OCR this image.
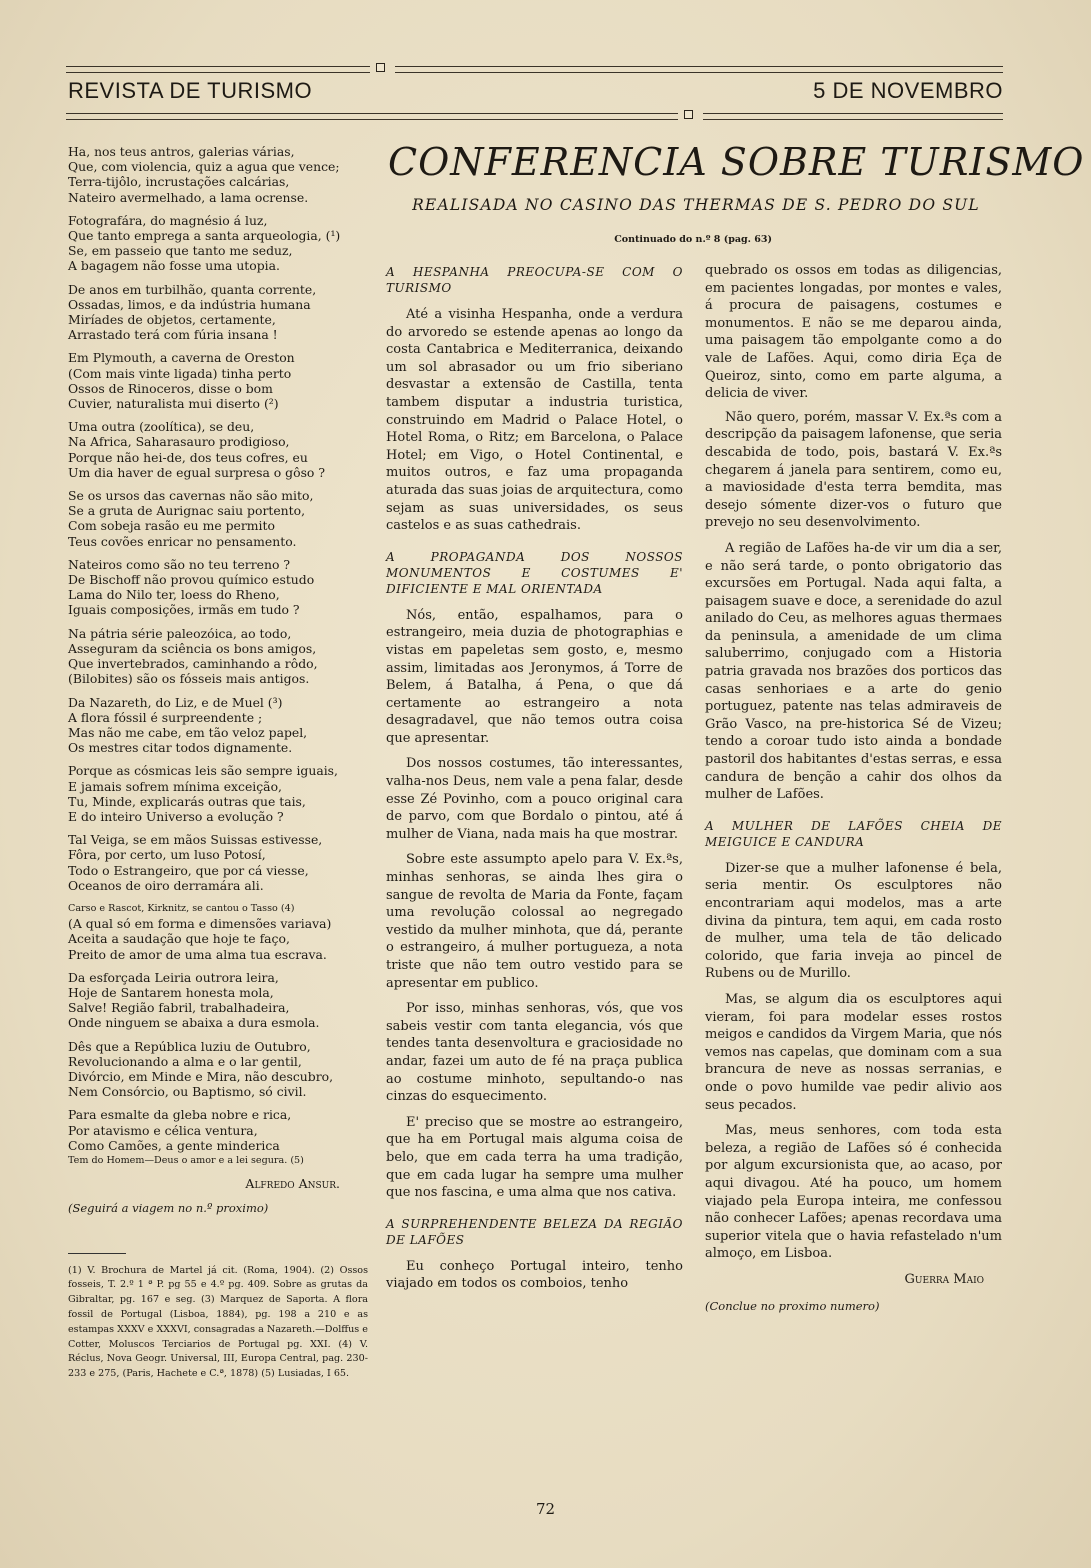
REVISTA DE TURISMO	5 DE NOVEMBRO
Ha, nos teus antros, galerias várias,
Que, com violencia, quiz a agua que vence;
Terra-tijôlo, incrustações calcárias,
Nateiro avermelhado, a lama ocrense.
Fotografára, do magnésio á luz,
Que tanto emprega a santa arqueologia, (¹)
Se, em passeio que tanto me seduz,
A bagagem não fosse uma utopia.
De anos em turbilhão, quanta corrente,
Ossadas, limos, e da indústria humana
Miríades de objetos, certamente,
Arrastado terá com fúria insana !
Em Plymouth, a caverna de Oreston
(Com mais vinte ligada) tinha perto
Ossos de Rinoceros, disse o bom
Cuvier, naturalista mui diserto (²)
Uma outra (zoolítica), se deu,
Na Africa, Saharasauro prodigioso,
Porque não hei-de, dos teus cofres, eu
Um dia haver de egual surpresa o gôso ?
Se os ursos das cavernas não são mito,
Se a gruta de Aurignac saiu portento,
Com sobeja rasão eu me permito
Teus covões enricar no pensamento.
Nateiros como são no teu terreno ?
De Bischoff não provou químico estudo
Lama do Nilo ter, loess do Rheno,
Iguais composições, irmãs em tudo ?
Na pátria série paleozóica, ao todo,
Asseguram da sciência os bons amigos,
Que invertebrados, caminhando a rôdo,
(Bilobites) são os fósseis mais antigos.
Da Nazareth, do Liz, e de Muel (³)
A flora fóssil é surpreendente ;
Mas não me cabe, em tão veloz papel,
Os mestres citar todos dignamente.
Porque as cósmicas leis são sempre iguais,
E jamais sofrem mínima exceição,
Tu, Minde, explicarás outras que tais,
E do inteiro Universo a evolução ?
Tal Veiga, se em mãos Suissas estivesse,
Fôra, por certo, um luso Potosí,
Todo o Estrangeiro, que por cá viesse,
Oceanos de oiro derramára ali.
Carso e Rascot, Kirknitz, se cantou o Tasso (4)
(A qual só em forma e dimensões variava)
Aceita a saudação que hoje te faço,
Preito de amor de uma alma tua escrava.
Da esforçada Leiria outrora leira,
Hoje de Santarem honesta mola,
Salve! Região fabril, trabalhadeira,
Onde ninguem se abaixa a dura esmola.
Dês que a República luziu de Outubro,
Revolucionando a alma e o lar gentil,
Divórcio, em Minde e Mira, não descubro,
Nem Consórcio, ou Baptismo, só civil.
Para esmalte da gleba nobre e rica,
Por atavismo e célica ventura,
Como Camões, a gente minderica
Tem do Homem—Deus o amor e a lei segura. (5)
Alfredo Ansur.
(Seguirá a viagem no n.º proximo)
(1) V. Brochura de Martel já cit. (Roma, 1904). (2) Ossos fosseis, T. 2.º 1 ª P. pg 55 e 4.º pg. 409. Sobre as grutas da Gibraltar, pg. 167 e seg. (3) Marquez de Saporta. A flora fossil de Portugal (Lisboa, 1884), pg. 198 a 210 e as estampas XXXV e XXXVI, consagradas a Nazareth.—Dolffus e Cotter, Moluscos Terciarios de Portugal pg. XXI. (4) V. Réclus, Nova Geogr. Universal, III, Europa Central, pag. 230-233 e 275, (Paris, Hachete e C.ª, 1878) (5) Lusiadas, I 65.
CONFERENCIA SOBRE TURISMO
REALISADA NO CASINO DAS THERMAS DE S. PEDRO DO SUL
Continuado do n.º 8 (pag. 63)
A HESPANHA PREOCUPA-SE COM O TURISMO

Até a visinha Hespanha, onde a verdura do arvoredo se estende apenas ao longo da costa Cantabrica e Mediterranica, deixando um sol abrasador ou um frio siberiano desvastar a extensão de Castilla, tenta tambem disputar a industria turistica, construindo em Madrid o Palace Hotel, o Hotel Roma, o Ritz; em Barcelona, o Palace Hotel; em Vigo, o Hotel Continental, e muitos outros, e faz uma propaganda aturada das suas joias de arquitectura, como sejam as suas universidades, os seus castelos e as suas cathedrais.

A PROPAGANDA DOS NOSSOS MONUMENTOS E COSTUMES E' DIFICIENTE E MAL ORIENTADA

Nós, então, espalhamos, para o estrangeiro, meia duzia de photographias e vistas em papeletas sem gosto, e, mesmo assim, limitadas aos Jeronymos, á Torre de Belem, á Batalha, á Pena, o que dá certamente ao estrangeiro a nota desagradavel, que não temos outra coisa que apresentar.

Dos nossos costumes, tão interessantes, valha-nos Deus, nem vale a pena falar, desde esse Zé Povinho, com a pouco original cara de parvo, com que Bordalo o pintou, até á mulher de Viana, nada mais ha que mostrar.

Sobre este assumpto apelo para V. Ex.ªs, minhas senhoras, se ainda lhes gira o sangue de revolta de Maria da Fonte, façam uma revolução colossal ao negregado vestido da mulher minhota, que dá, perante o estrangeiro, á mulher portugueza, a nota triste que não tem outro vestido para se apresentar em publico.

Por isso, minhas senhoras, vós, que vos sabeis vestir com tanta elegancia, vós que tendes tanta desenvoltura e graciosidade no andar, fazei um auto de fé na praça publica ao costume minhoto, sepultando-o nas cinzas do esquecimento.

E' preciso que se mostre ao estrangeiro, que ha em Portugal mais alguma coisa de belo, que em cada terra ha uma tradição, que em cada lugar ha sempre uma mulher que nos fascina, e uma alma que nos cativa.

A SURPREHENDENTE BELEZA DA REGIÃO DE LAFÕES

Eu conheço Portugal inteiro, tenho viajado em todos os comboios, tenho

quebrado os ossos em todas as diligencias, em pacientes longadas, por montes e vales, á procura de paisagens, costumes e monumentos. E não se me deparou ainda, uma paisagem tão empolgante como a do vale de Lafões. Aqui, como diria Eça de Queiroz, sinto, como em parte alguma, a delicia de viver.

Não quero, porém, massar V. Ex.ªs com a descripção da paisagem lafonense, que seria descabida de todo, pois, bastará V. Ex.ªs chegarem á janela para sentirem, como eu, a maviosidade d'esta terra bemdita, mas desejo sómente dizer-vos o futuro que prevejo no seu desenvolvimento.

A região de Lafões ha-de vir um dia a ser, e não será tarde, o ponto obrigatorio das excursões em Portugal. Nada aqui falta, a paisagem suave e doce, a serenidade do azul anilado do Ceu, as melhores aguas thermaes da peninsula, a amenidade de um clima saluberrimo, conjugado com a Historia patria gravada nos brazões dos porticos das casas senhoriaes e a arte do genio portuguez, patente nas telas admiraveis de Grão Vasco, na pre-historica Sé de Vizeu; tendo a coroar tudo isto ainda a bondade pastoril dos habitantes d'estas serras, e essa candura de benção a cahir dos olhos da mulher de Lafões.

A MULHER DE LAFÕES CHEIA DE MEIGUICE E CANDURA

Dizer-se que a mulher lafonense é bela, seria mentir. Os esculptores não encontrariam aqui modelos, mas a arte divina da pintura, tem aqui, em cada rosto de mulher, uma tela de tão delicado colorido, que faria inveja ao pincel de Rubens ou de Murillo.

Mas, se algum dia os esculptores aqui vieram, foi para modelar esses rostos meigos e candidos da Virgem Maria, que nós vemos nas capelas, que dominam com a sua brancura de neve as nossas serranias, e onde o povo humilde vae pedir alivio aos seus pecados.

Mas, meus senhores, com toda esta beleza, a região de Lafões só é conhecida por algum excursionista que, ao acaso, por aqui divagou. Até ha pouco, um homem viajado pela Europa inteira, me confessou não conhecer Lafões; apenas recordava uma superior vitela que o havia refastelado n'um almoço, em Lisboa.

Guerra Maio

(Conclue no proximo numero)

72
